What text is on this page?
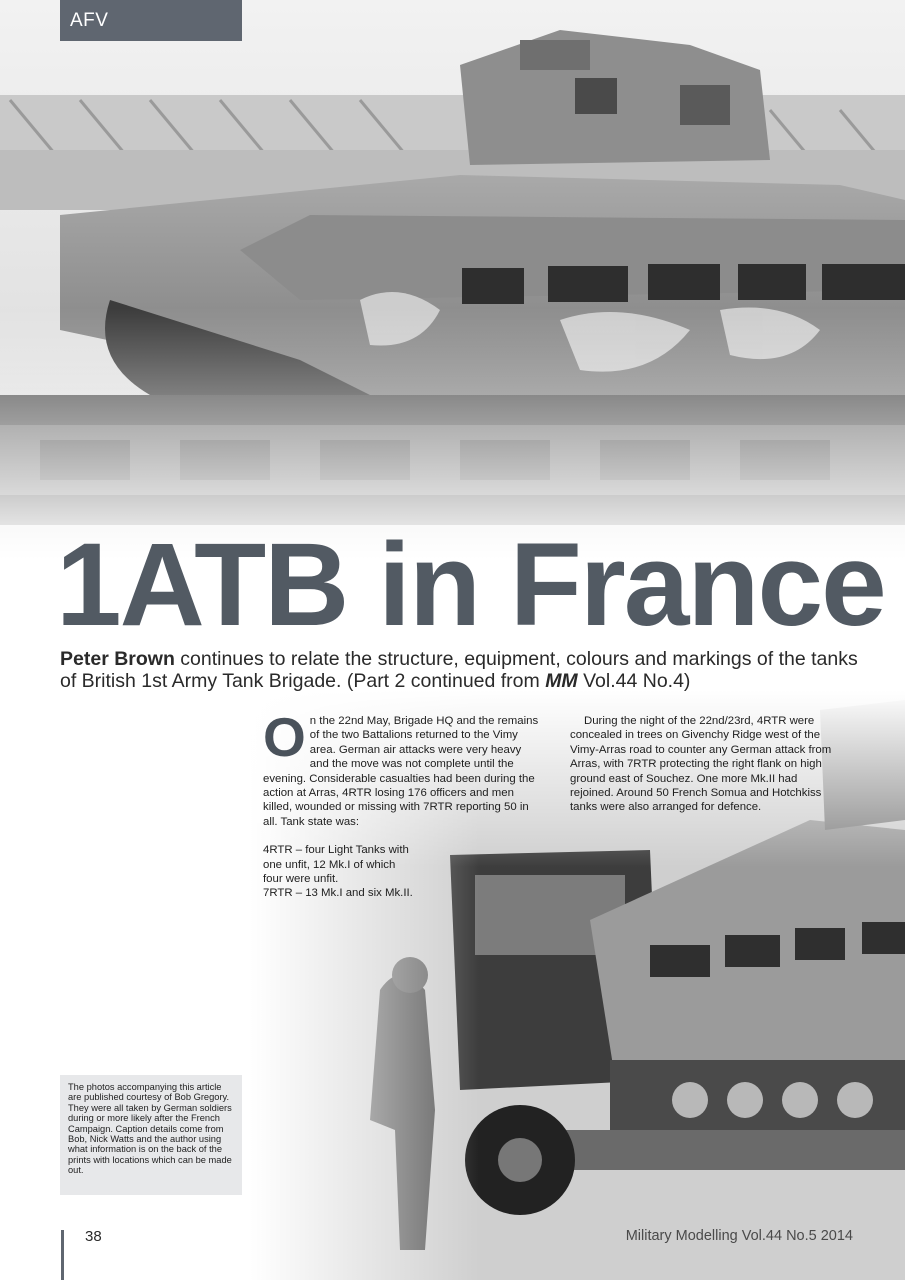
AFV
1ATB in France

Peter Brown continues to relate the structure, equipment, colours and markings of the tanks of British 1st Army Tank Brigade. (Part 2 continued from MM Vol.44 No.4)

On the 22nd May, Brigade HQ and the remains of the two Battalions returned to the Vimy area. German air attacks were very heavy and the move was not complete until the evening. Considerable casualties had been during the action at Arras, 4RTR losing 176 officers and men killed, wounded or missing with 7RTR reporting 50 in all. Tank state was:

4RTR – four Light Tanks with
one unfit, 12 Mk.I of which
four were unfit.
7RTR – 13 Mk.I and six Mk.II.

During the night of the 22nd/23rd, 4RTR were concealed in trees on Givenchy Ridge west of the Vimy-Arras road to counter any German attack from Arras, with 7RTR protecting the right flank on high ground east of Souchez. One more Mk.II had rejoined. Around 50 French Somua and Hotchkiss tanks were also arranged for defence.

The photos accompanying this article are published courtesy of Bob Gregory. They were all taken by German soldiers during or more likely after the French Campaign. Caption details come from Bob, Nick Watts and the author using what information is on the back of the prints with locations which can be made out.
38	Military Modelling Vol.44 No.5 2014
